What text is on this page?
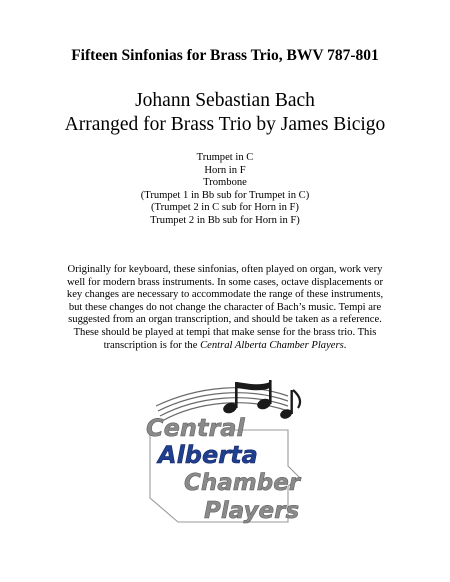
Fifteen Sinfonias for Brass Trio, BWV 787-801
Johann Sebastian Bach
Arranged for Brass Trio by James Bicigo
Trumpet in C
Horn in F
Trombone
(Trumpet 1 in Bb sub for Trumpet in C)
(Trumpet 2 in C sub for Horn in F)
Trumpet 2 in Bb sub for Horn in F)
Originally for keyboard, these sinfonias, often played on organ, work very
well for modern brass instruments. In some cases, octave displacements or
key changes are necessary to accommodate the range of these instruments,
but these changes do not change the character of Bach’s music. Tempi are
suggested from an organ transcription, and should be taken as a reference.
These should be played at tempi that make sense for the brass trio. This
transcription is for the Central Alberta Chamber Players.
Central
Alberta
Chamber
Players
